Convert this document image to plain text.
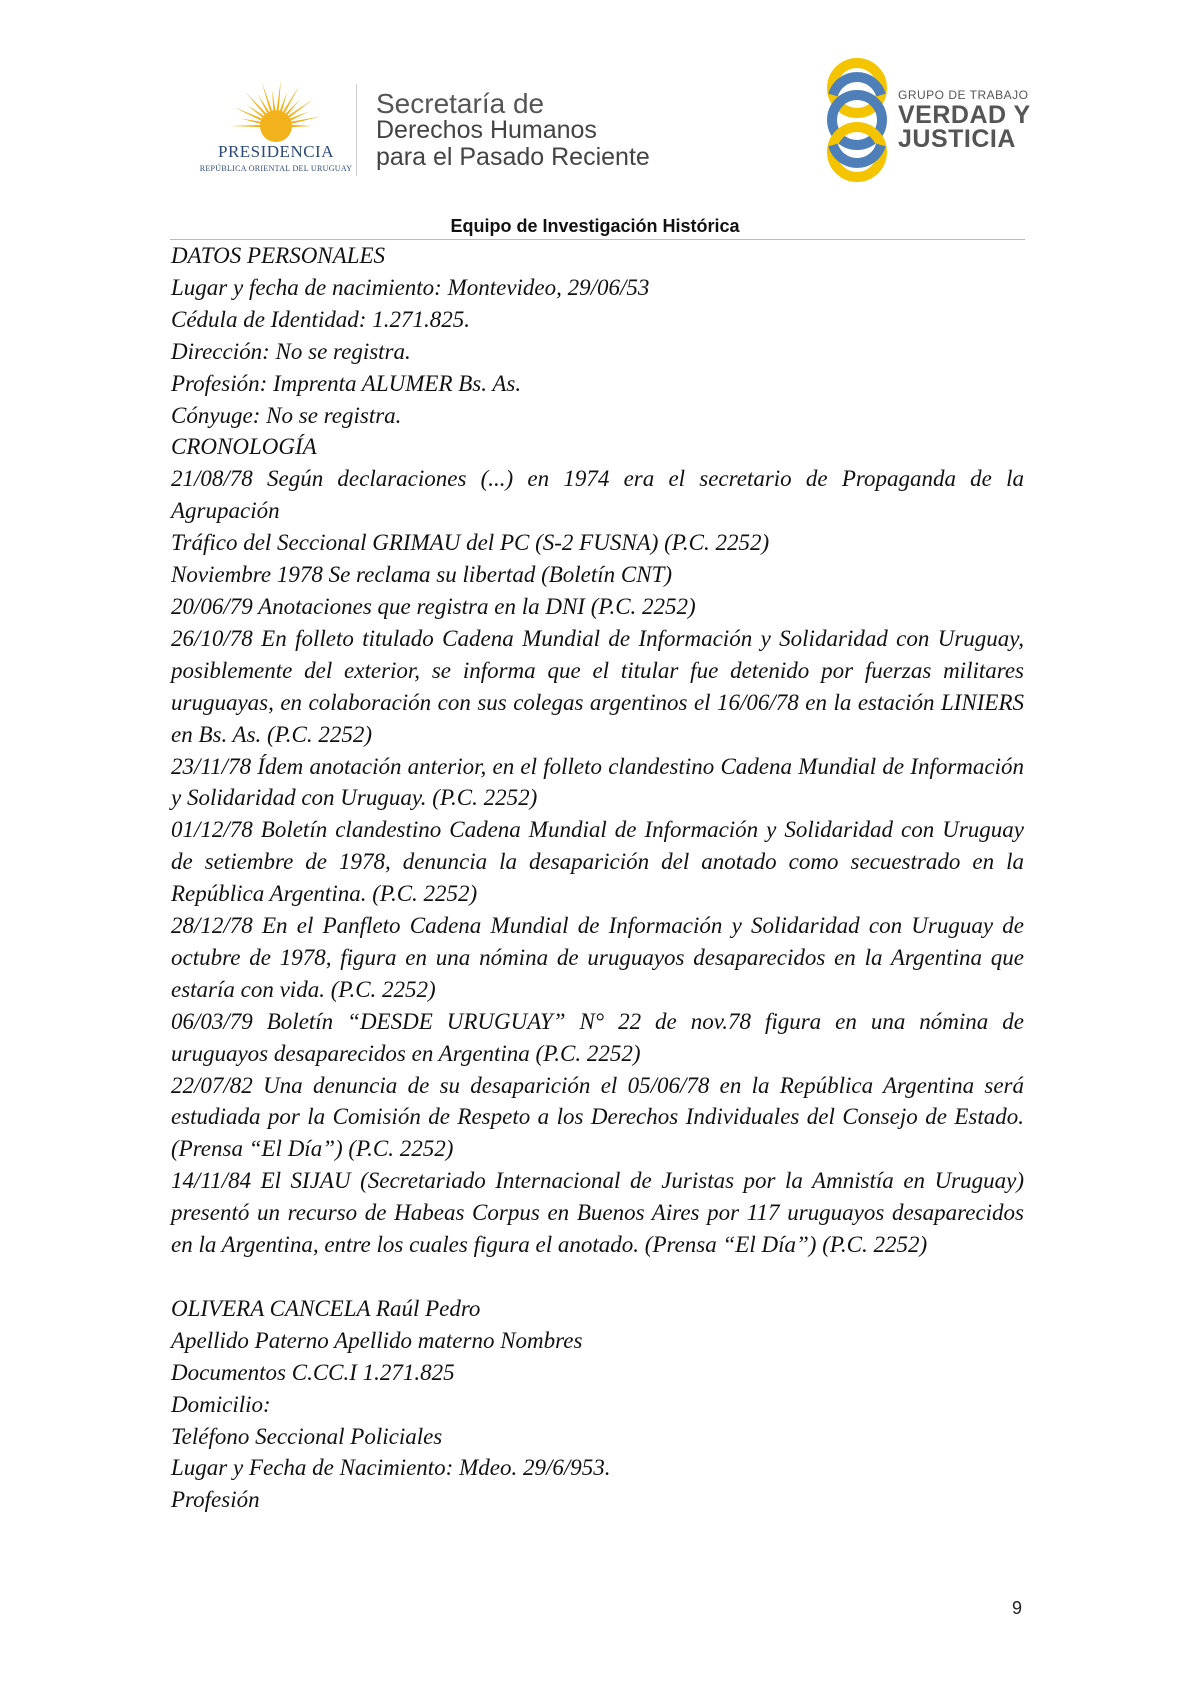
PRESIDENCIA
REPÚBLICA ORIENTAL DEL URUGUAY
Secretaría de
Derechos Humanos
para el Pasado Reciente
GRUPO DE TRABAJO
VERDAD Y
JUSTICIA
Equipo de Investigación Histórica

DATOS PERSONALES

Lugar y fecha de nacimiento: Montevideo, 29/06/53

Cédula de Identidad: 1.271.825.

Dirección: No se registra.

Profesión: Imprenta ALUMER Bs. As.

Cónyuge: No se registra.

CRONOLOGÍA

21/08/78 Según declaraciones (...) en 1974 era el secretario de Propaganda de la Agrupación

Tráfico del Seccional GRIMAU del PC (S-2 FUSNA) (P.C. 2252)

Noviembre 1978 Se reclama su libertad (Boletín CNT)

20/06/79 Anotaciones que registra en la DNI (P.C. 2252)

26/10/78 En folleto titulado Cadena Mundial de Información y Solidaridad con Uruguay, posiblemente del exterior, se informa que el titular fue detenido por fuerzas militares uruguayas, en colaboración con sus colegas argentinos el 16/06/78 en la estación LINIERS en Bs. As. (P.C. 2252)

23/11/78 Ídem anotación anterior, en el folleto clandestino Cadena Mundial de Información y Solidaridad con Uruguay. (P.C. 2252)

01/12/78 Boletín clandestino Cadena Mundial de Información y Solidaridad con Uruguay de setiembre de 1978, denuncia la desaparición del anotado como secuestrado en la República Argentina. (P.C. 2252)

28/12/78 En el Panfleto Cadena Mundial de Información y Solidaridad con Uruguay de octubre de 1978, figura en una nómina de uruguayos desaparecidos en la Argentina que estaría con vida. (P.C. 2252)

06/03/79 Boletín “DESDE URUGUAY” N° 22 de nov.78 figura en una nómina de uruguayos desaparecidos en Argentina (P.C. 2252)

22/07/82 Una denuncia de su desaparición el 05/06/78 en la República Argentina será estudiada por la Comisión de Respeto a los Derechos Individuales del Consejo de Estado. (Prensa “El Día”) (P.C. 2252)

14/11/84 El SIJAU (Secretariado Internacional de Juristas por la Amnistía en Uruguay) presentó un recurso de Habeas Corpus en Buenos Aires por 117 uruguayos desaparecidos en la Argentina, entre los cuales figura el anotado. (Prensa “El Día”) (P.C. 2252)

OLIVERA CANCELA Raúl Pedro

Apellido Paterno Apellido materno Nombres

Documentos C.CC.I 1.271.825

Domicilio:

Teléfono Seccional Policiales

Lugar y Fecha de Nacimiento: Mdeo. 29/6/953.

Profesión

9
